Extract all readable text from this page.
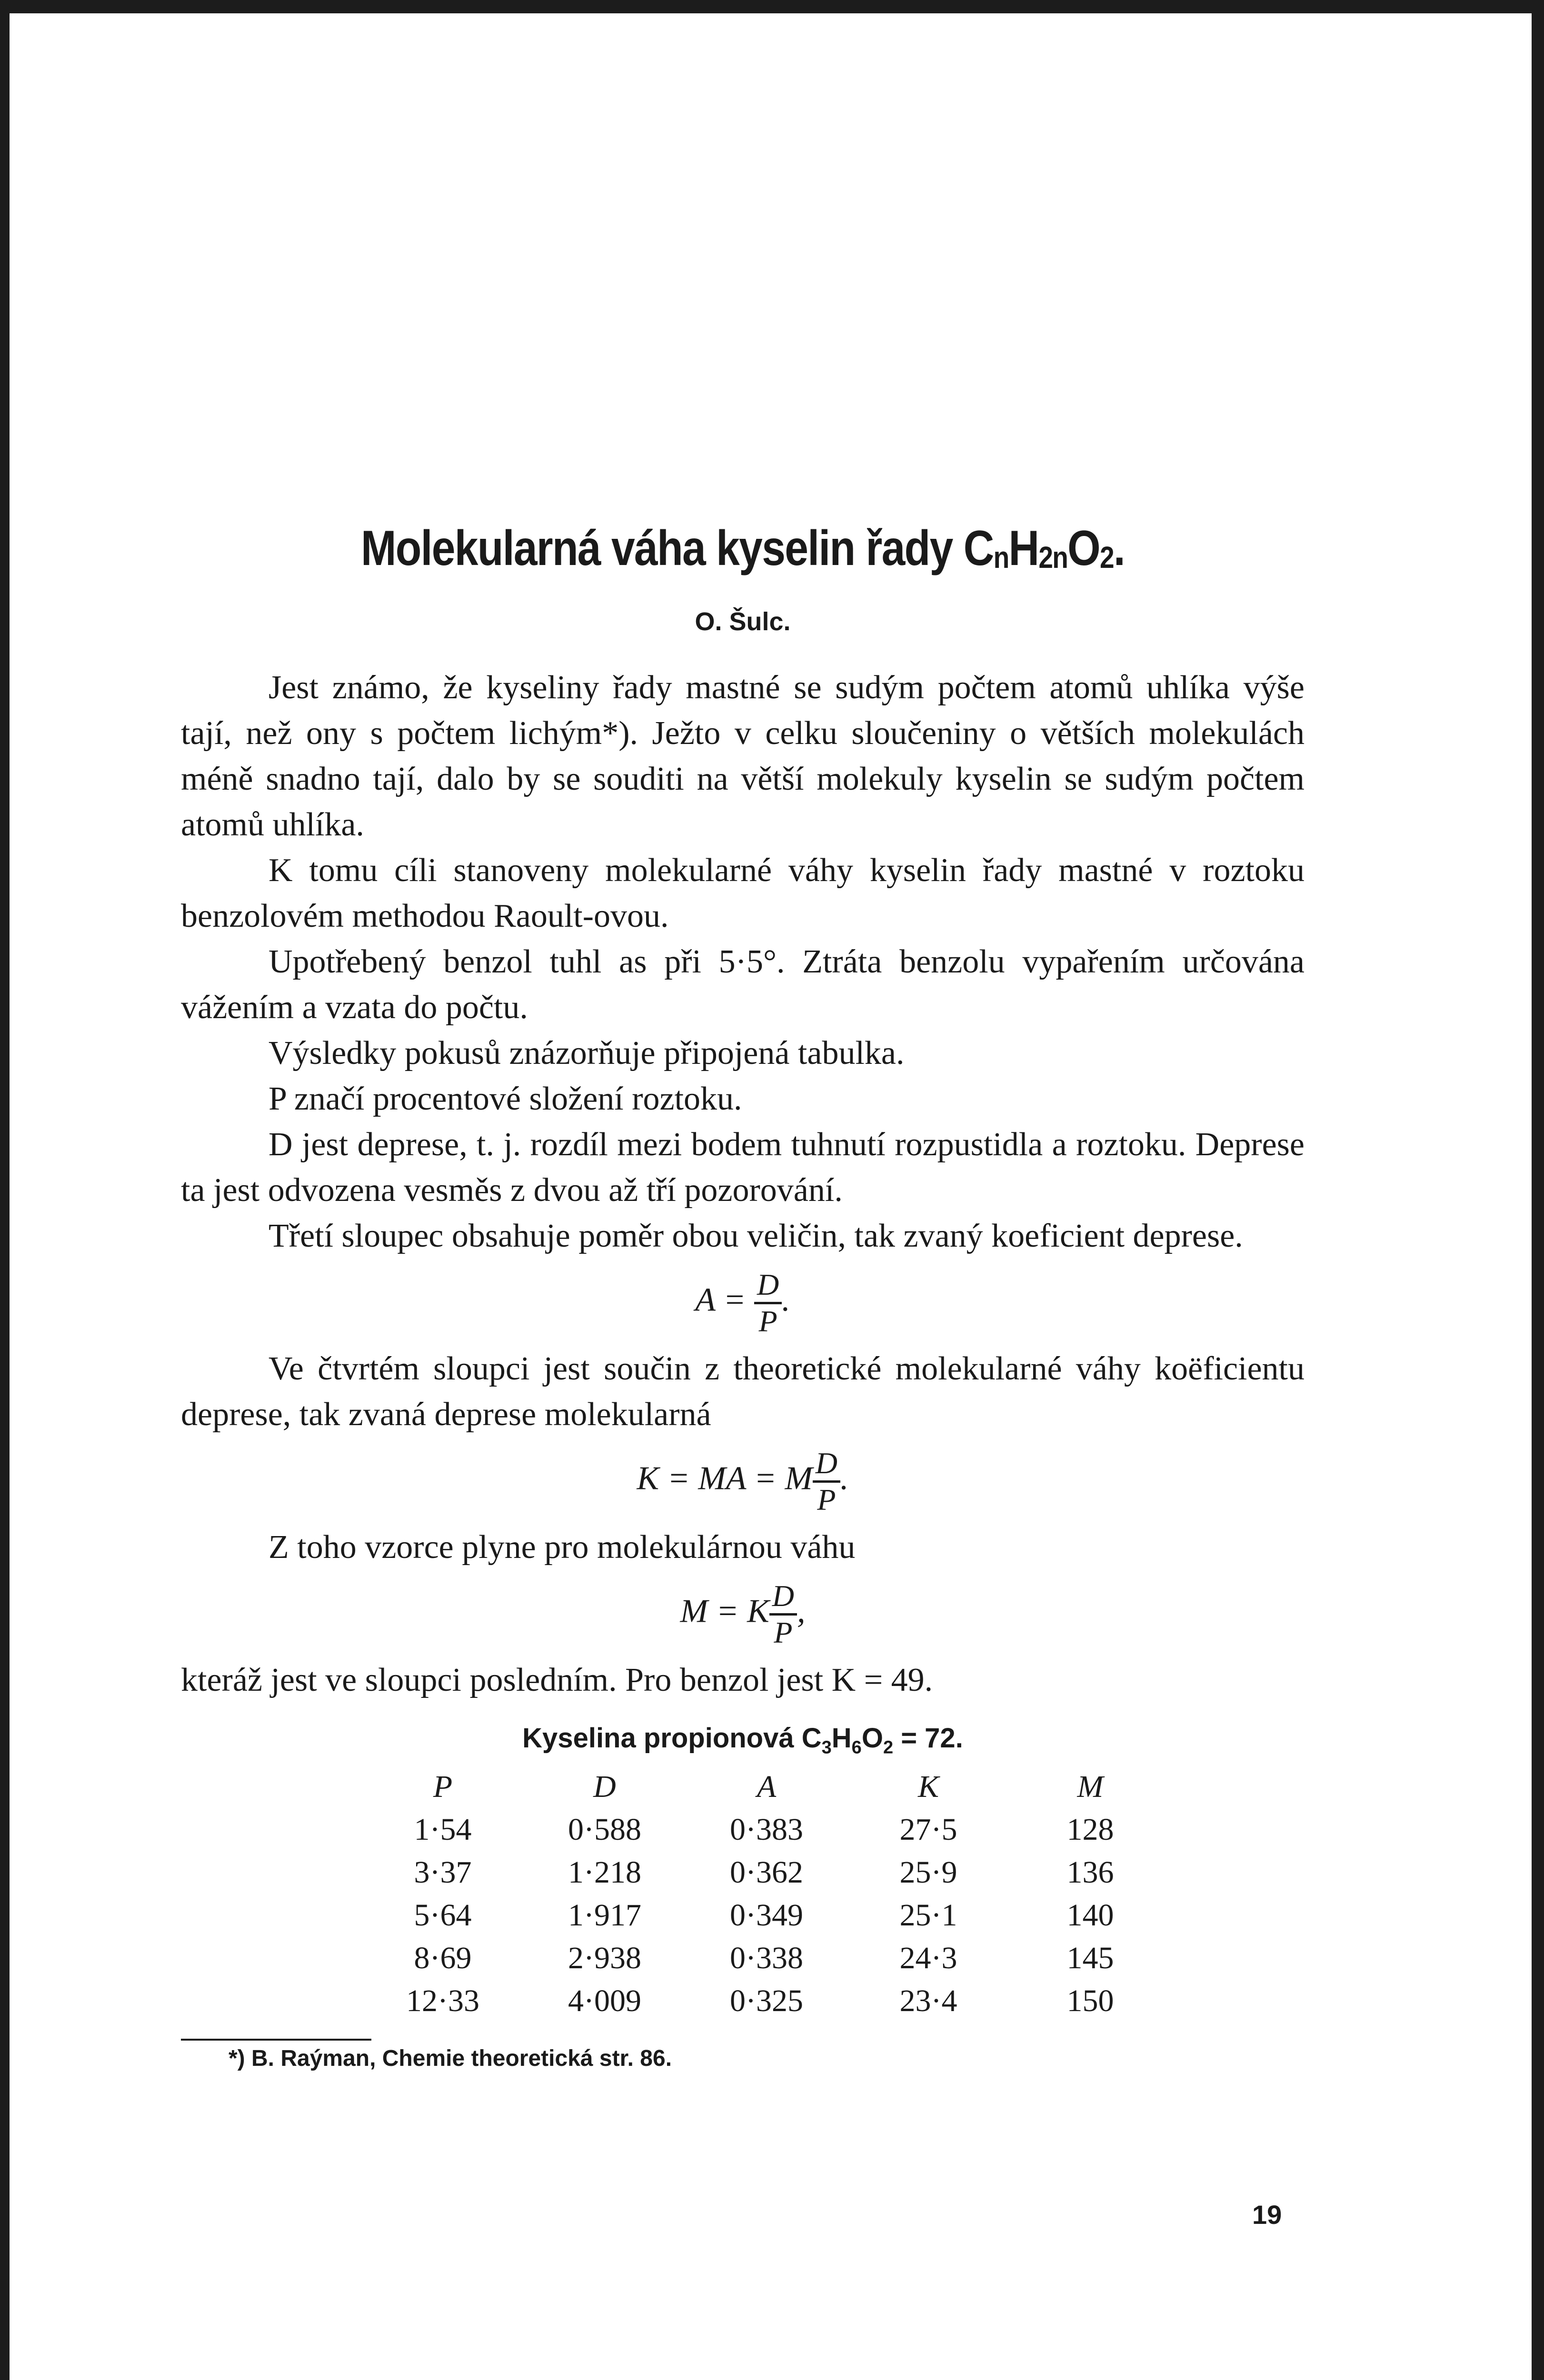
Molekularná váha kyselin řady $C_nH_{2n}O_2$.
O. Šulc.

Jest známo, že kyseliny řady mastné se sudým počtem atomů uhlíka výše tají, než ony s počtem lichým*). Ježto v celku sloučeniny o větších molekulách méně snadno tají, dalo by se souditi na větší molekuly kyselin se sudým počtem atomů uhlíka.

K tomu cíli stanoveny molekularné váhy kyselin řady mastné v roztoku benzolovém methodou Raoult-ovou.

Upotřebený benzol tuhl as při 5·5°. Ztráta benzolu vypařením určována vážením a vzata do počtu.

Výsledky pokusů znázorňuje připojená tabulka.

P značí procentové složení roztoku.

D jest deprese, t. j. rozdíl mezi bodem tuhnutí rozpustidla a roztoku. Deprese ta jest odvozena vesměs z dvou až tří pozorování.

Třetí sloupec obsahuje poměr obou veličin, tak zvaný koeficient deprese.

$A = \frac{D}{P}$ .

Ve čtvrtém sloupci jest součin z theoretické molekularné váhy koëficientu deprese, tak zvaná deprese molekularná

K = MA = M $\frac{D}{P}$ .

Z toho vzorce plyne pro molekulárnou váhu

M = K $\frac{D}{P}$ ,

kteráž jest ve sloupci posledním. Pro benzol jest K = 49.

Kyselina propionová $C_3H_6O_2 = 72$.
P	D	A	K	M
1·54	0·588	0·383	27·5	128
3·37	1·218	0·362	25·9	136
5·64	1·917	0·349	25·1	140
8·69	2·938	0·338	24·3	145
12·33	4·009	0·325	23·4	150
*) B. Raýman, Chemie theoretická str. 86.
19
